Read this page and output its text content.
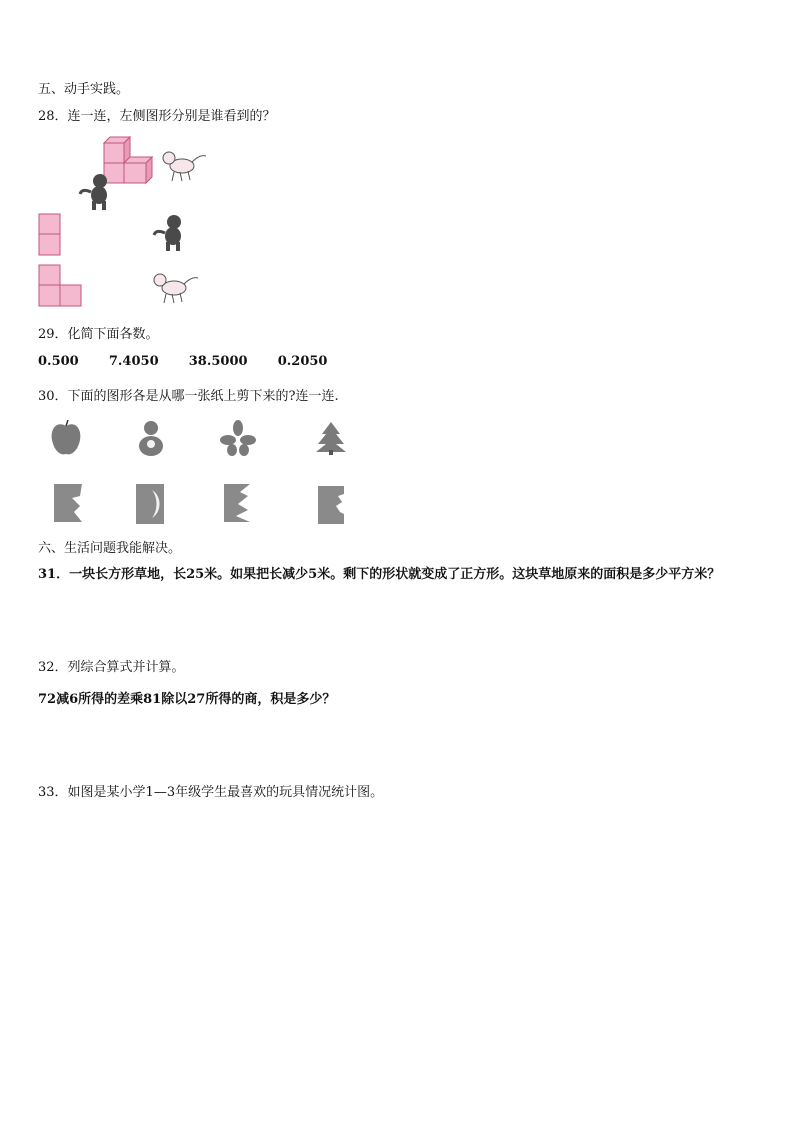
五、动手实践。
28．连一连，左侧图形分别是谁看到的？
29．化简下面各数。
0.500 7.4050 38.5000 0.2050
30．下面的图形各是从哪一张纸上剪下来的?连一连.
六、生活问题我能解决。
31．一块长方形草地，长25米。如果把长减少5米。剩下的形状就变成了正方形。这块草地原来的面积是多少平方米？
32．列综合算式并计算。
72减6所得的差乘81除以27所得的商，积是多少？
33．如图是某小学1—3年级学生最喜欢的玩具情况统计图。
